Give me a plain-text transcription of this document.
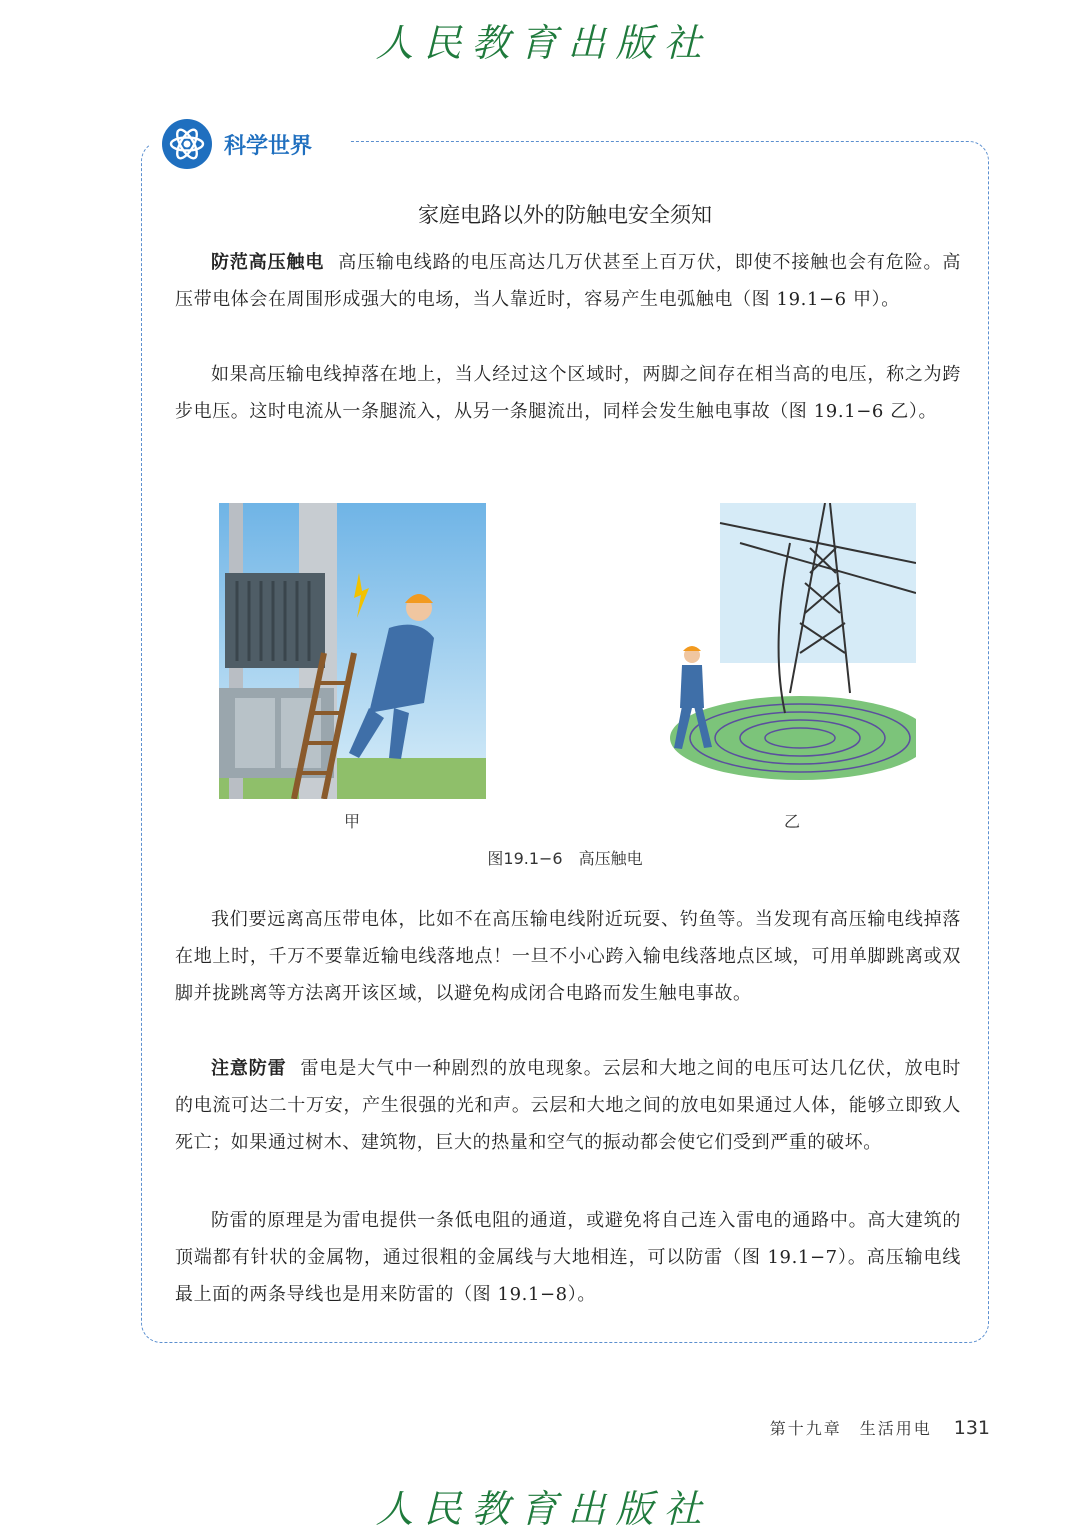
人民教育出版社
科学世界
家庭电路以外的防触电安全须知

防范高压触电 高压输电线路的电压高达几万伏甚至上百万伏，即使不接触也会有危险。高压带电体会在周围形成强大的电场，当人靠近时，容易产生电弧触电（图 19.1−6 甲）。

如果高压输电线掉落在地上，当人经过这个区域时，两脚之间存在相当高的电压，称之为跨步电压。这时电流从一条腿流入，从另一条腿流出，同样会发生触电事故（图 19.1−6 乙）。

甲	乙
图19.1−6　高压触电

我们要远离高压带电体，比如不在高压输电线附近玩耍、钓鱼等。当发现有高压输电线掉落在地上时，千万不要靠近输电线落地点！一旦不小心跨入输电线落地点区域，可用单脚跳离或双脚并拢跳离等方法离开该区域，以避免构成闭合电路而发生触电事故。

注意防雷 雷电是大气中一种剧烈的放电现象。云层和大地之间的电压可达几亿伏，放电时的电流可达二十万安，产生很强的光和声。云层和大地之间的放电如果通过人体，能够立即致人死亡；如果通过树木、建筑物，巨大的热量和空气的振动都会使它们受到严重的破坏。

防雷的原理是为雷电提供一条低电阻的通道，或避免将自己连入雷电的通路中。高大建筑的顶端都有针状的金属物，通过很粗的金属线与大地相连，可以防雷（图 19.1−7）。高压输电线最上面的两条导线也是用来防雷的（图 19.1−8）。

第十九章　生活用电 131
人民教育出版社
